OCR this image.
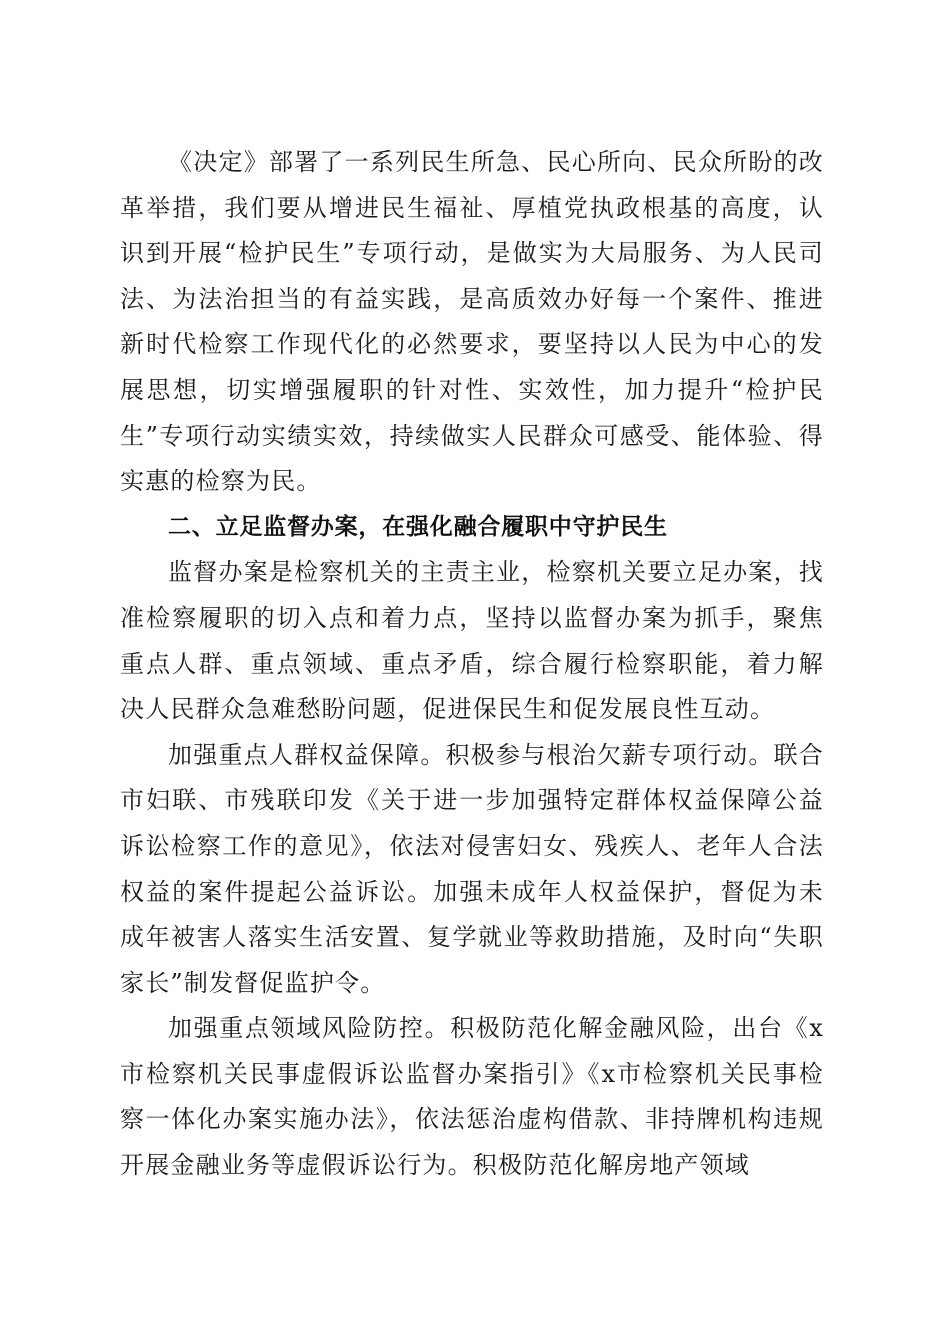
《决定》部署了一系列民生所急、民心所向、民众所盼的改革举措，我们要从增进民生福祉、厚植党执政根基的高度，认识到开展“检护民生”专项行动，是做实为大局服务、为人民司法、为法治担当的有益实践，是高质效办好每一个案件、推进新时代检察工作现代化的必然要求，要坚持以人民为中心的发展思想，切实增强履职的针对性、实效性，加力提升“检护民生”专项行动实绩实效，持续做实人民群众可感受、能体验、得实惠的检察为民。

二、立足监督办案，在强化融合履职中守护民生

监督办案是检察机关的主责主业，检察机关要立足办案，找准检察履职的切入点和着力点，坚持以监督办案为抓手，聚焦重点人群、重点领域、重点矛盾，综合履行检察职能，着力解决人民群众急难愁盼问题，促进保民生和促发展良性互动。

加强重点人群权益保障。积极参与根治欠薪专项行动。联合市妇联、市残联印发《关于进一步加强特定群体权益保障公益诉讼检察工作的意见》，依法对侵害妇女、残疾人、老年人合法权益的案件提起公益诉讼。加强未成年人权益保护，督促为未成年被害人落实生活安置、复学就业等救助措施，及时向“失职家长”制发督促监护令。

加强重点领域风险防控。积极防范化解金融风险，出台《x市检察机关民事虚假诉讼监督办案指引》《x市检察机关民事检察一体化办案实施办法》，依法惩治虚构借款、非持牌机构违规开展金融业务等虚假诉讼行为。积极防范化解房地产领域
